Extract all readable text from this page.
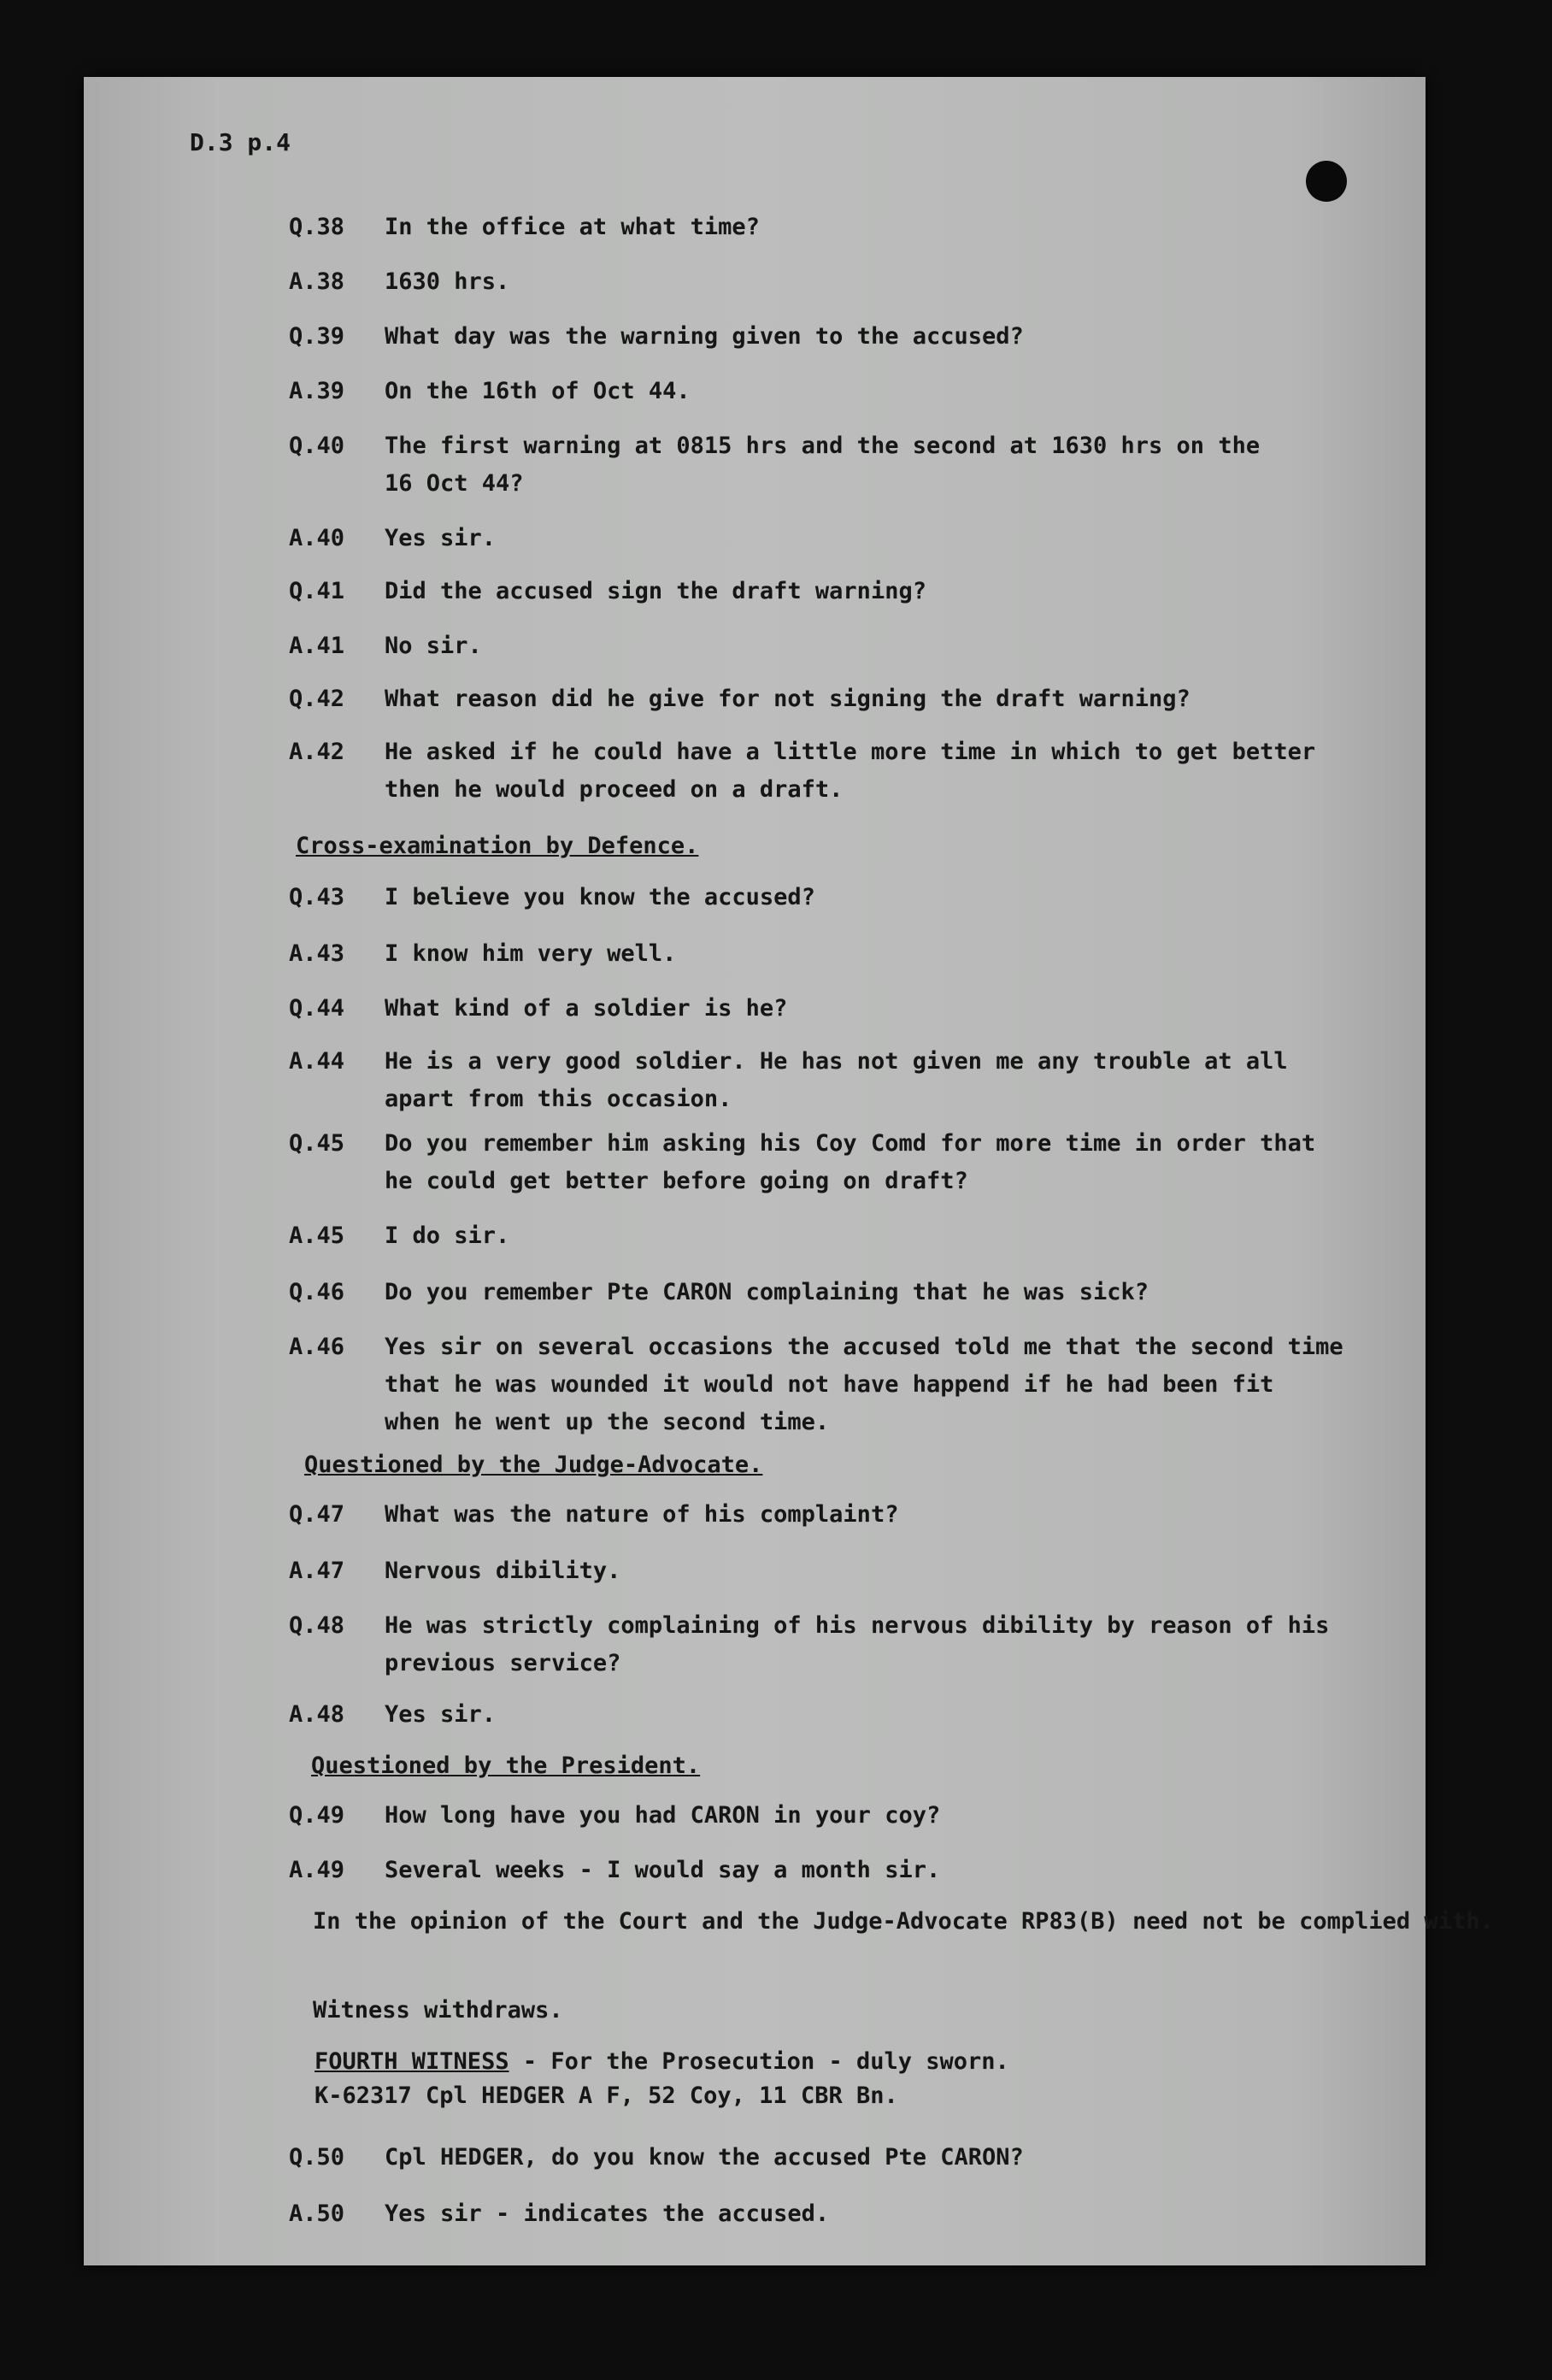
D.3 p.4
Q.38	In the office at what time?
A.38	1630 hrs.
Q.39	What day was the warning given to the accused?
A.39	On the 16th of Oct 44.
Q.40	The first warning at 0815 hrs and the second at 1630 hrs on the
16 Oct 44?
A.40	Yes sir.
Q.41	Did the accused sign the draft warning?
A.41	No sir.
Q.42	What reason did he give for not signing the draft warning?
A.42	He asked if he could have a little more time in which to get better
then he would proceed on a draft.
Cross-examination by Defence.
Q.43	I believe you know the accused?
A.43	I know him very well.
Q.44	What kind of a soldier is he?
A.44	He is a very good soldier. He has not given me any trouble at all
apart from this occasion.
Q.45	Do you remember him asking his Coy Comd for more time in order that
he could get better before going on draft?
A.45	I do sir.
Q.46	Do you remember Pte CARON complaining that he was sick?
A.46	Yes sir on several occasions the accused told me that the second time
that he was wounded it would not have happend if he had been fit
when he went up the second time.
Questioned by the Judge-Advocate.
Q.47	What was the nature of his complaint?
A.47	Nervous dibility.
Q.48	He was strictly complaining of his nervous dibility by reason of his
previous service?
A.48	Yes sir.
Questioned by the President.
Q.49	How long have you had CARON in your coy?
A.49	Several weeks - I would say a month sir.
In the opinion of the Court and the Judge-Advocate RP83(B) need not be complied with.
Witness withdraws.
FOURTH WITNESS - For the Prosecution - duly sworn.
K-62317 Cpl HEDGER A F, 52 Coy, 11 CBR Bn.
Q.50	Cpl HEDGER, do you know the accused Pte CARON?
A.50	Yes sir - indicates the accused.
